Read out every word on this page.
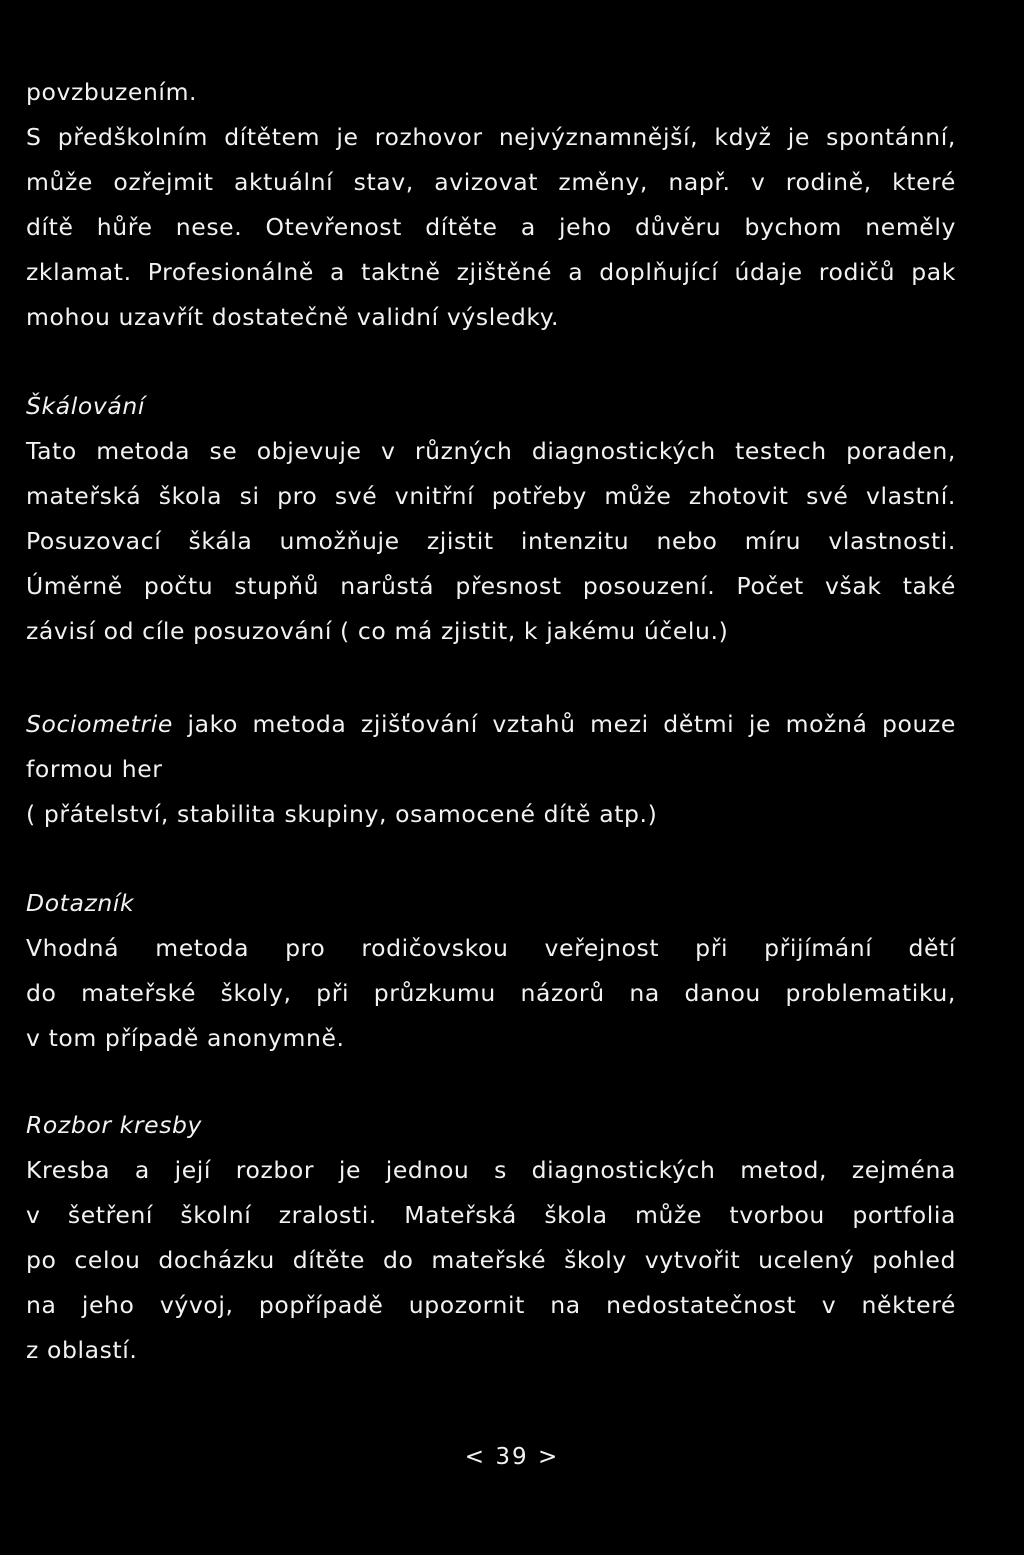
povzbuzením.
S předškolním dítětem je rozhovor nejvýznamnější, když je spontánní,
může ozřejmit aktuální stav, avizovat změny, např. v rodině, které
dítě hůře nese. Otevřenost dítěte a jeho důvěru bychom neměly
zklamat. Profesionálně a taktně zjištěné a doplňující údaje rodičů pak
mohou uzavřít dostatečně validní výsledky.
Škálování
Tato metoda se objevuje v různých diagnostických testech poraden,
mateřská škola si pro své vnitřní potřeby může zhotovit své vlastní.
Posuzovací škála umožňuje zjistit intenzitu nebo míru vlastnosti.
Úměrně počtu stupňů narůstá přesnost posouzení. Počet však také
závisí od cíle posuzování ( co má zjistit, k jakému účelu.)
Sociometrie jako metoda zjišťování vztahů mezi dětmi je možná pouze
formou her
( přátelství, stabilita skupiny, osamocené dítě atp.)
Dotazník
Vhodná metoda pro rodičovskou veřejnost při přijímání dětí
do mateřské školy, při průzkumu názorů na danou problematiku,
v tom případě anonymně.
Rozbor kresby
Kresba a její rozbor je jednou s diagnostických metod, zejména
v šetření školní zralosti. Mateřská škola může tvorbou portfolia
po celou docházku dítěte do mateřské školy vytvořit ucelený pohled
na jeho vývoj, popřípadě upozornit na nedostatečnost v některé
z oblastí.
< 39 >
